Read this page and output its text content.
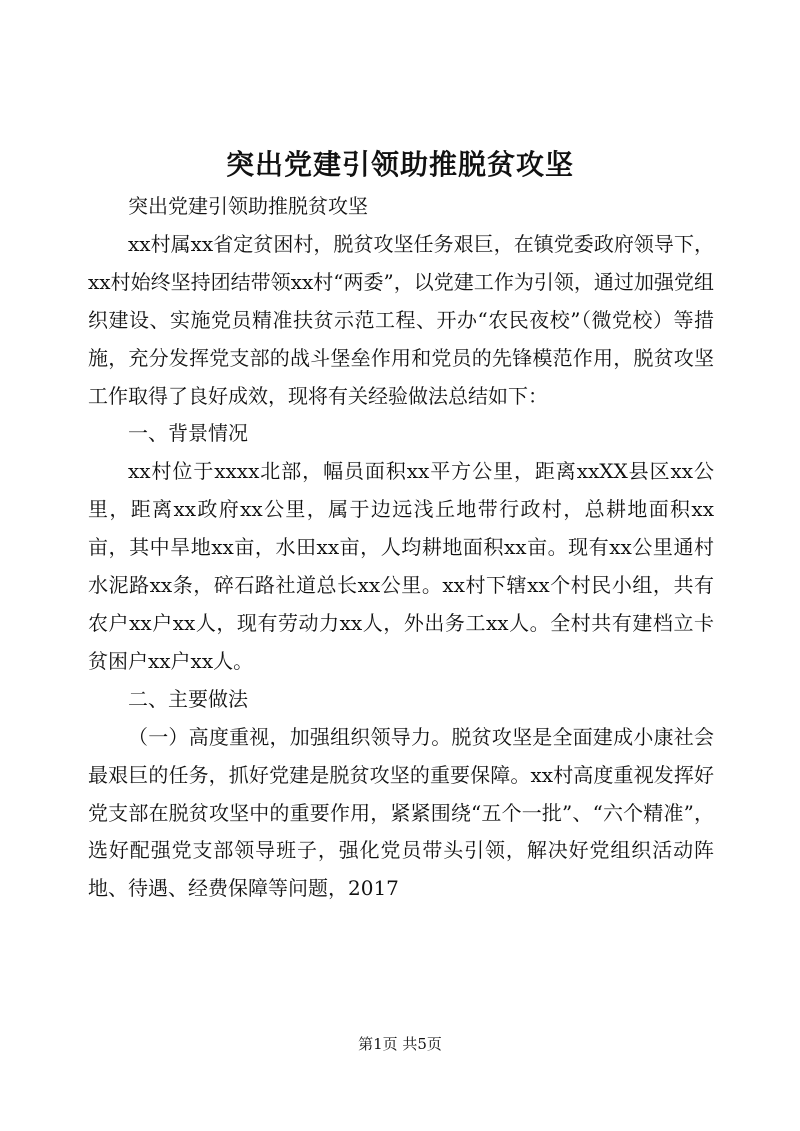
突出党建引领助推脱贫攻坚

突出党建引领助推脱贫攻坚

xx村属xx省定贫困村，脱贫攻坚任务艰巨，在镇党委政府领导下，xx村始终坚持团结带领xx村“两委”，以党建工作为引领，通过加强党组织建设、实施党员精准扶贫示范工程、开办“农民夜校”（微党校）等措施，充分发挥党支部的战斗堡垒作用和党员的先锋模范作用，脱贫攻坚工作取得了良好成效，现将有关经验做法总结如下：

一、背景情况

xx村位于xxxx北部，幅员面积xx平方公里，距离xxXX县区xx公里，距离xx政府xx公里，属于边远浅丘地带行政村，总耕地面积xx亩，其中旱地xx亩，水田xx亩，人均耕地面积xx亩。现有xx公里通村水泥路xx条，碎石路社道总长xx公里。xx村下辖xx个村民小组，共有农户xx户xx人，现有劳动力xx人，外出务工xx人。全村共有建档立卡贫困户xx户xx人。

二、主要做法

（一）高度重视，加强组织领导力。脱贫攻坚是全面建成小康社会最艰巨的任务，抓好党建是脱贫攻坚的重要保障。xx村高度重视发挥好党支部在脱贫攻坚中的重要作用，紧紧围绕“五个一批”、“六个精准”，选好配强党支部领导班子，强化党员带头引领，解决好党组织活动阵地、待遇、经费保障等问题，2017

第1页 共5页
